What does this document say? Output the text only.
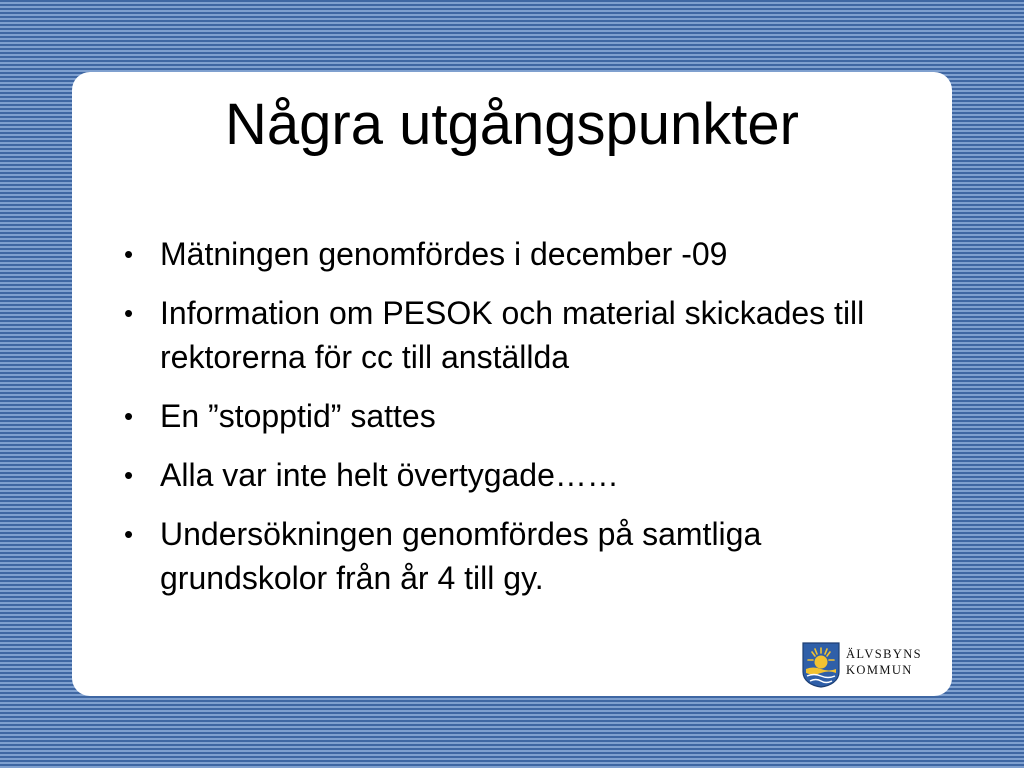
Några utgångspunkter
• Mätningen genomfördes i december -09
• Information om PESOK och material skickades till rektorerna för cc till anställda
• En ”stopptid” sattes
• Alla var inte helt övertygade……
• Undersökningen genomfördes på samtliga grundskolor från år 4 till gy.
ÄLVSBYNS
KOMMUN
